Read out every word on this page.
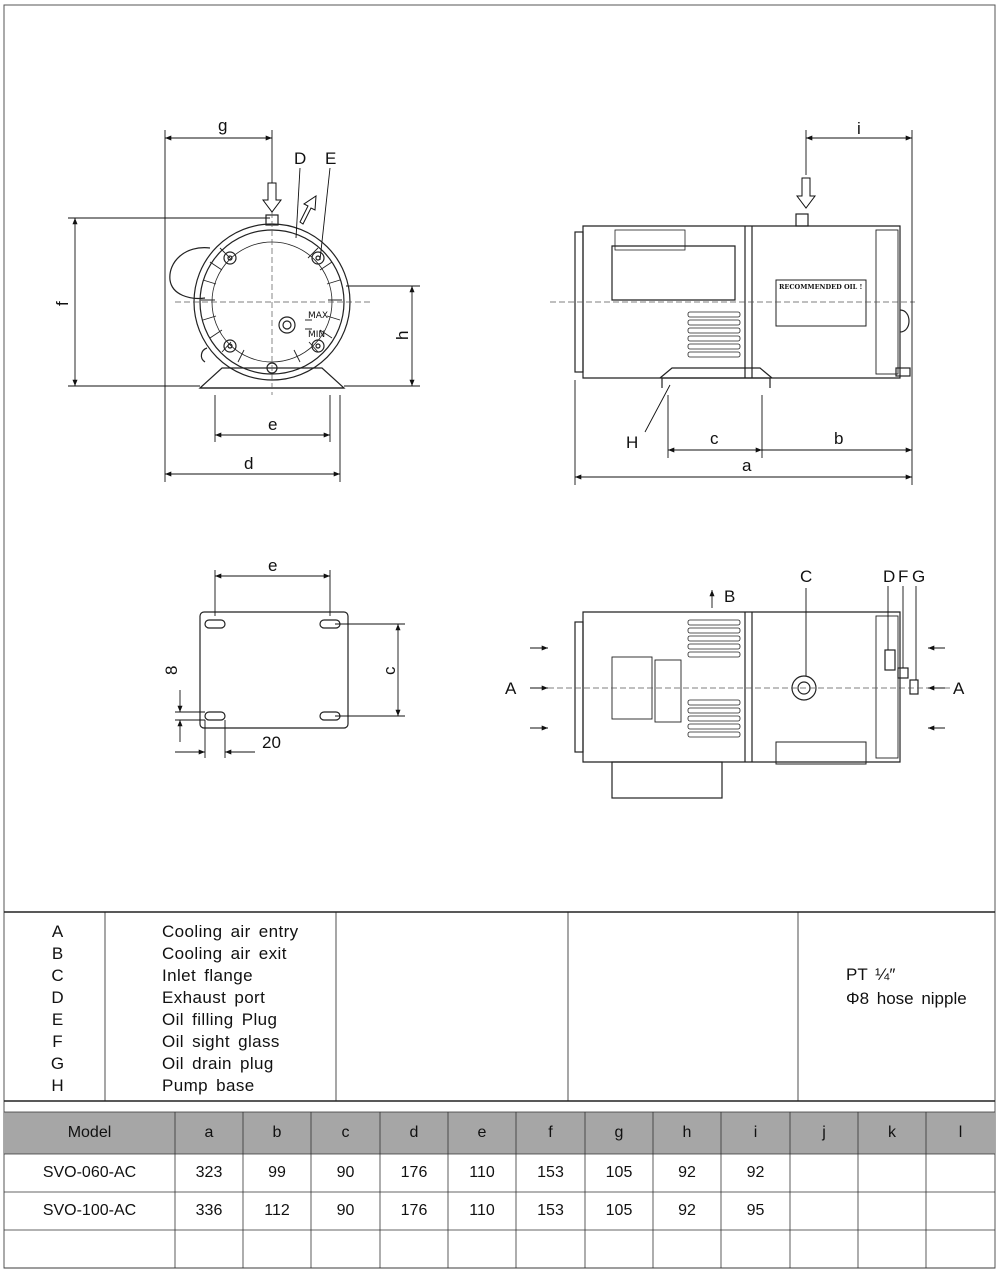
g
D E
f
h
e
d
MAX
MIN
RECOMMENDED OIL !
i
H	c	b
a
e
c
8
20
B
C	D F G
A	A
A	Cooling air entry
B	Cooling air exit
C	Inlet flange
D	Exhaust port
E	Oil filling Plug
F	Oil sight glass
G	Oil drain plug
H	Pump base
PT ¼″
Φ8 hose nipple
Model	a	b	c	d	e	f	g	h	i	j	k	l
SVO-060-AC	323	99	90	176	110	153	105	92	92
SVO-100-AC	336	112	90	176	110	153	105	92	95
